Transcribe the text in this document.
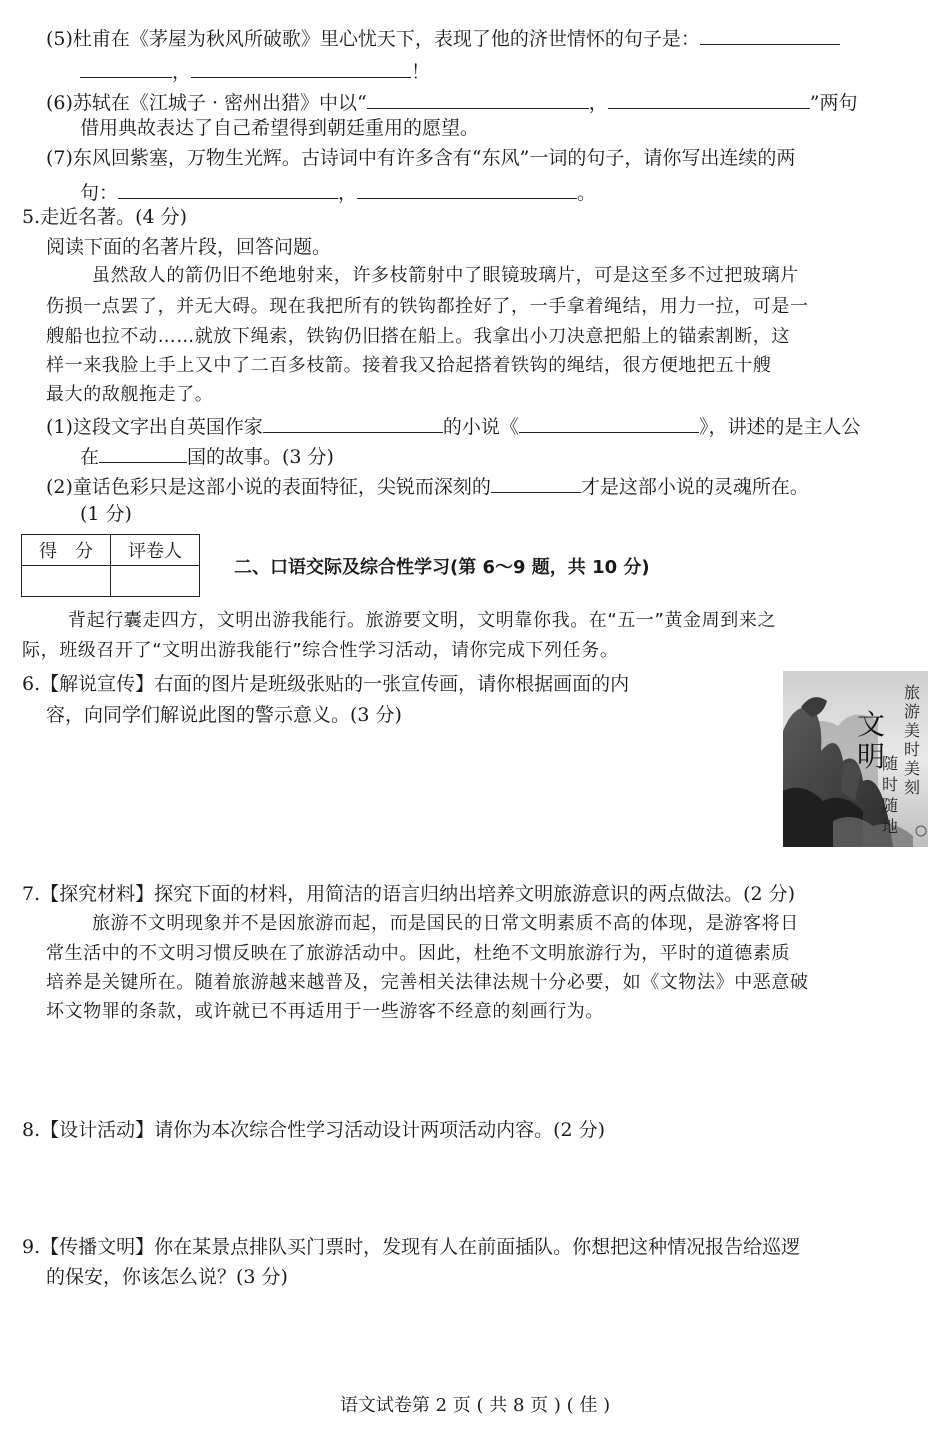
(5)杜甫在《茅屋为秋风所破歌》里心忧天下，表现了他的济世情怀的句子是：
，	！
(6)苏轼在《江城子 · 密州出猎》中以“	，	”两句
借用典故表达了自己希望得到朝廷重用的愿望。
(7)东风回紫塞，万物生光辉。古诗词中有许多含有“东风”一词的句子，请你写出连续的两
句：	，	。
5.走近名著。(4 分)
阅读下面的名著片段，回答问题。
虽然敌人的箭仍旧不绝地射来，许多枝箭射中了眼镜玻璃片，可是这至多不过把玻璃片
伤损一点罢了，并无大碍。现在我把所有的铁钩都拴好了，一手拿着绳结，用力一拉，可是一
艘船也拉不动……就放下绳索，铁钩仍旧搭在船上。我拿出小刀决意把船上的锚索割断，这
样一来我脸上手上又中了二百多枝箭。接着我又拾起搭着铁钩的绳结，很方便地把五十艘
最大的敌舰拖走了。
(1)这段文字出自英国作家	的小说《	》，讲述的是主人公
在	国的故事。(3 分)
(2)童话色彩只是这部小说的表面特征，尖锐而深刻的	才是这部小说的灵魂所在。
(1 分)
得　分	评卷人

二、口语交际及综合性学习(第 6～9 题，共 10 分)
背起行囊走四方，文明出游我能行。旅游要文明，文明靠你我。在“五一”黄金周到来之
际，班级召开了“文明出游我能行”综合性学习活动，请你完成下列任务。
6.【解说宣传】右面的图片是班级张贴的一张宣传画，请你根据画面的内
容，向同学们解说此图的警示意义。(3 分)
旅游美时美刻
文明
随时随地
7.【探究材料】探究下面的材料，用简洁的语言归纳出培养文明旅游意识的两点做法。(2 分)
旅游不文明现象并不是因旅游而起，而是国民的日常文明素质不高的体现，是游客将日
常生活中的不文明习惯反映在了旅游活动中。因此，杜绝不文明旅游行为，平时的道德素质
培养是关键所在。随着旅游越来越普及，完善相关法律法规十分必要，如《文物法》中恶意破
坏文物罪的条款，或许就已不再适用于一些游客不经意的刻画行为。
8.【设计活动】请你为本次综合性学习活动设计两项活动内容。(2 分)
9.【传播文明】你在某景点排队买门票时，发现有人在前面插队。你想把这种情况报告给巡逻
的保安，你该怎么说？(3 分)
语文试卷第 2 页 ( 共 8 页 ) ( 佳 )
